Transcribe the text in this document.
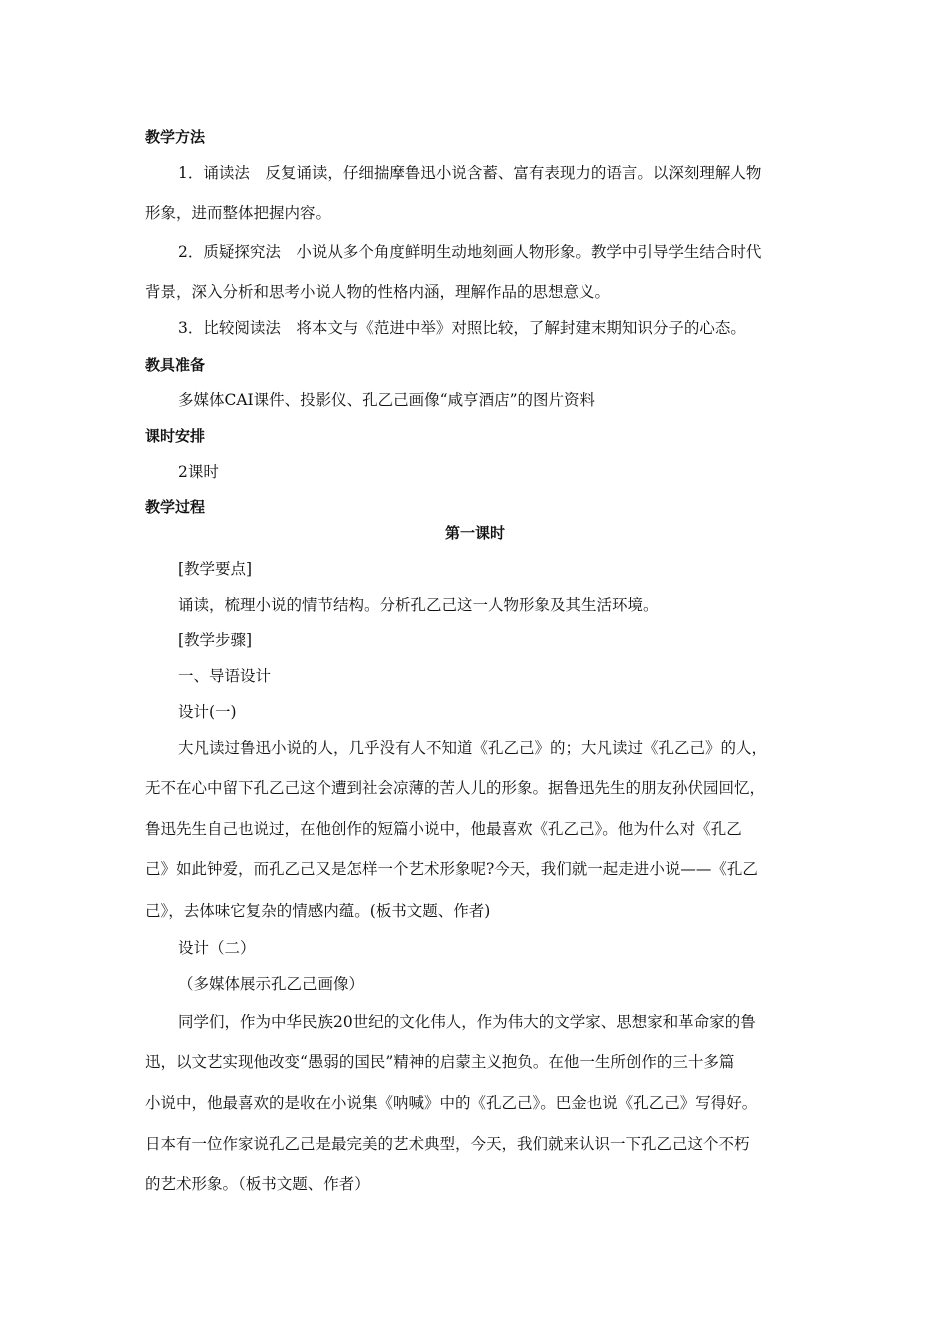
教学方法
1．诵读法　反复诵读，仔细揣摩鲁迅小说含蓄、富有表现力的语言。以深刻理解人物
形象，进而整体把握内容。
2．质疑探究法　小说从多个角度鲜明生动地刻画人物形象。教学中引导学生结合时代
背景，深入分析和思考小说人物的性格内涵，理解作品的思想意义。
3．比较阅读法　将本文与《范进中举》对照比较，了解封建末期知识分子的心态。
教具准备
多媒体CAI课件、投影仪、孔乙己画像“咸亨酒店”的图片资料
课时安排
2课时
教学过程
第一课时
[教学要点]
诵读，梳理小说的情节结构。分析孔乙己这一人物形象及其生活环境。
[教学步骤]
一、导语设计
设计(一)
大凡读过鲁迅小说的人，几乎没有人不知道《孔乙己》的；大凡读过《孔乙己》的人，
无不在心中留下孔乙己这个遭到社会凉薄的苦人儿的形象。据鲁迅先生的朋友孙伏园回忆，
鲁迅先生自己也说过，在他创作的短篇小说中，他最喜欢《孔乙己》。他为什么对《孔乙
己》如此钟爱，而孔乙己又是怎样一个艺术形象呢?今天，我们就一起走进小说——《孔乙
己》，去体味它复杂的情感内蕴。(板书文题、作者)
设计（二）
（多媒体展示孔乙己画像）
同学们，作为中华民族20世纪的文化伟人，作为伟大的文学家、思想家和革命家的鲁
迅，以文艺实现他改变“愚弱的国民”精神的启蒙主义抱负。在他一生所创作的三十多篇
小说中，他最喜欢的是收在小说集《呐喊》中的《孔乙己》。巴金也说《孔乙己》写得好。
日本有一位作家说孔乙己是最完美的艺术典型，今天，我们就来认识一下孔乙己这个不朽
的艺术形象。（板书文题、作者）
